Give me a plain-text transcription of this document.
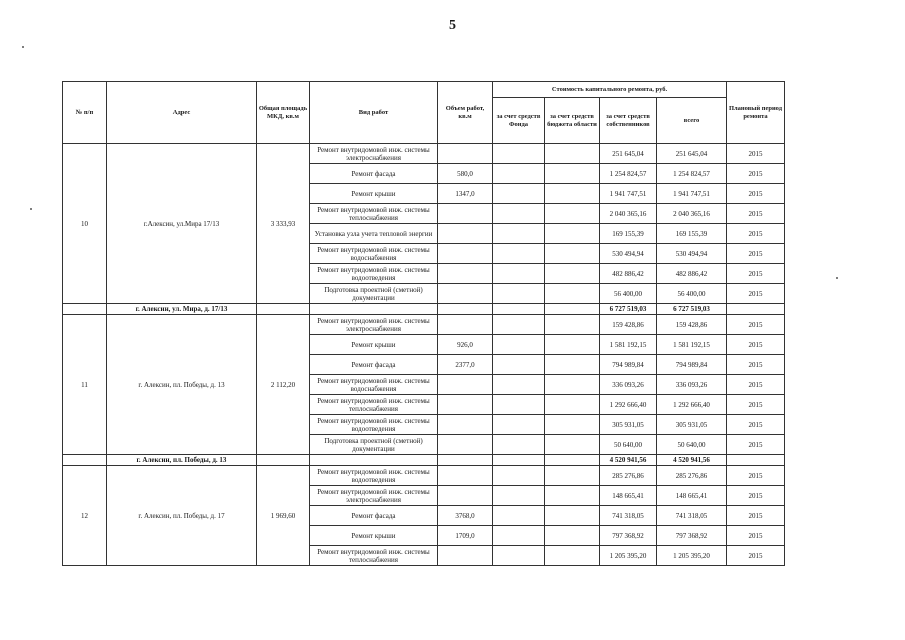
5
№ п/п	Адрес	Общая площадь МКД, кв.м	Вид работ	Объем работ, кв.м	Стоимость капитального ремонта, руб.				Плановый период ремонта
					за счет средств Фонда	за счет средств бюджета области	за счет средств собственников	всего	
10	г.Алексин, ул.Мира 17/13	3 333,93	Ремонт внутридомовой инж. системы электроснабжения				251 645,04	251 645,04	2015
			Ремонт фасада	580,0			1 254 824,57	1 254 824,57	2015
			Ремонт крыши	1347,0			1 941 747,51	1 941 747,51	2015
			Ремонт внутридомовой инж. системы теплоснабжения				2 040 365,16	2 040 365,16	2015
			Установка узла учета тепловой энергии				169 155,39	169 155,39	2015
			Ремонт внутридомовой инж. системы водоснабжения				530 494,94	530 494,94	2015
			Ремонт внутридомовой инж. системы водоотведения				482 886,42	482 886,42	2015
			Подготовка проектной (сметной) документации				56 400,00	56 400,00	2015
	г. Алексин, ул. Мира, д. 17/13						6 727 519,03	6 727 519,03	
11	г. Алексин, пл. Победы, д. 13	2 112,20	Ремонт внутридомовой инж. системы электроснабжения				159 428,86	159 428,86	2015
			Ремонт крыши	926,0			1 581 192,15	1 581 192,15	2015
			Ремонт фасада	2377,0			794 989,84	794 989,84	2015
			Ремонт внутридомовой инж. системы водоснабжения				336 093,26	336 093,26	2015
			Ремонт внутридомовой инж. системы теплоснабжения				1 292 666,40	1 292 666,40	2015
			Ремонт внутридомовой инж. системы водоотведения				305 931,05	305 931,05	2015
			Подготовка проектной (сметной) документации				50 640,00	50 640,00	2015
	г. Алексин, пл. Победы, д. 13						4 520 941,56	4 520 941,56	
12	г. Алексин, пл. Победы, д. 17	1 969,60	Ремонт внутридомовой инж. системы водоотведения				285 276,86	285 276,86	2015
			Ремонт внутридомовой инж. системы электроснабжения				148 665,41	148 665,41	2015
			Ремонт фасада	3768,0			741 318,05	741 318,05	2015
			Ремонт крыши	1709,0			797 368,92	797 368,92	2015
			Ремонт внутридомовой инж. системы теплоснабжения				1 205 395,20	1 205 395,20	2015
